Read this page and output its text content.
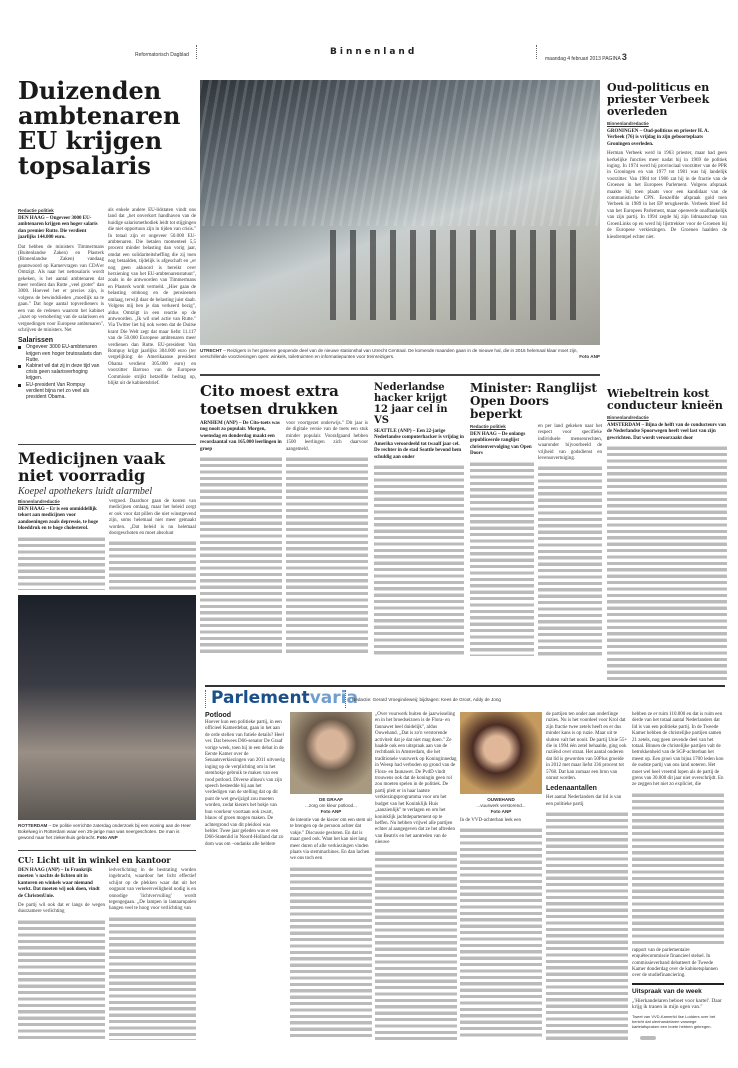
Reformatorisch Dagblad	Binnenland
maandag 4 februari 2013 PAGINA 3
Duizenden ambtenaren EU krijgen topsalaris
Redactie politiek
DEN HAAG – Ongeveer 3000 EU-ambtenaren krijgen een hoger salaris dan premier Rutte. Die verdient jaarlijks 144.000 euro.
Dat hebben de ministers Timmermans (Buitenlandse Zaken) en Plasterk (Binnenlandse Zaken) vandaag geantwoord op Kamervragen van CDA'er Omtzigt. Als naar het nettosalaris wordt gekeken, is het aantal ambtenaren dat meer verdient dan Rutte „veel groter" dan 3000. Hoeveel het er precies zijn, is volgens de bewindslieden „moeilijk na te gaan." Dat hoge aantal topverdieners is een van de redenen waarom het kabinet „inzet op versobering van de salarissen en vergoedingen voor Europese ambtenaren", schrijven de ministers. Net
Salarissen
Ongeveer 3000 EU-ambtenaren krijgen een hoger brutosalaris dan Rutte.
Kabinet wil dat zij in deze tijd van crisis geen salarisverhoging krijgen.
EU-president Van Rompuy verdient bijna net zo veel als president Obama.
als enkele andere EU-lidstaten vindt ons land dat „het onverkort handhaven van de huidige salarismethodiek leidt tot stijgingen die niet opportuun zijn in tijden van crisis." In totaal zijn er ongeveer 50.000 EU-ambtenaren. Die betalen momenteel 5,5 procent minder belasting dan vorig jaar, omdat een solidariteitsheffing die zij toen nog betaalden, tijdelijk is afgeschaft en „er nog geen akkoord is bereikt over herziening van het EU-ambtenarenstatuut", zoals in de antwoorden van Timmermans en Plasterk wordt vermeld. „Hier gaan de belasting omhoog en de pensioenen omlaag, terwijl daar de belasting juist daalt. Volgens mij ben je dan verkeerd bezig", aldus Omtzigt in een reactie op de antwoorden. „Ik wil snel actie van Rutte." Via Twitter liet hij ook weten dat de Duitse krant Die Welt zegt dat maar liefst 11.117 van de 50.000 Europese ambtenaren meer verdienen dan Rutte. EU-president Van Rompuy krijgt jaarlijks 304.000 euro (ter vergelijking: de Amerikaanse president Obama verdient 305.000 euro) en voorzitter Barroso van de Europese Commissie strijkt hetzelfde bedrag op, blijkt uit de kabinetsbrief.
UTRECHT – Reizigers in het gisteren geopende deel van de nieuwe stationshal van Utrecht Centraal. De komende maanden gaan in de nieuwe hal, die in 2016 helemaal klaar moet zijn, verschillende voorzieningen open: winkels, toiletruimten en informatiepunten voor treinreizigers.	Foto ANP
Oud-politicus en priester Verbeek overleden
Binnenlandredactie
GRONINGEN – Oud-politicus en priester H. A. Verbeek (76) is vrijdag in zijn geboorteplaats Groningen overleden.
Herman Verbeek werd in 1963 priester, maar had geen kerkelijke functies meer nadat hij in 1969 de politiek inging. In 1974 werd hij provinciaal voorzitter van de PPR in Groningen en van 1977 tot 1981 was hij landelijk voorzitter. Van 1984 tot 1986 zat hij in de fractie van de Groenen in het Europees Parlement. Volgens afspraak maakte hij toen plaats voor een kandidaat van de communistische CPN. Eenzelfde afspraak gold toen Verbeek in 1989 in het EP terugkeerde. Verbeek bleef lid van het Europees Parlement, maar opereerde onafhankelijk van zijn partij. In 1994 zegde hij zijn lidmaatschap van GroenLinks op en werd hij lijsttrekker voor de Groenen bij de Europese verkiezingen. De Groenen haalden de kiesdrempel echter niet.
Wiebeltrein kost conducteur knieën
Binnenlandredactie
AMSTERDAM – Bijna de helft van de conducteurs van de Nederlandse Spoorwegen heeft veel last van zijn gewrichten. Dat wordt veroorzaakt door
Medicijnen vaak niet voorradig
Koepel apothekers luidt alarmbel
Binnenlandredactie
DEN HAAG – Er is een onmiddellijk tekort aan medicijnen voor aandoeningen zoals depressie, te hoge bloeddruk en te hoge cholesterol.
vergoed. Daardoor gaan de kosten van medicijnen omlaag, maar het beleid zorgt er ook voor dat pillen die niet winstgevend zijn, soms helemaal niet meer gemaakt worden. „Dat beleid is nu helemaal doorgeschoten en moet absoluut
ROTTERDAM – De politie verrichtte zaterdag onderzoek bij een woning aan de Heer Bokelweg in Rotterdam waar een 25-jarige man was neergeschoten. De man is gewond naar het ziekenhuis gebracht. Foto ANP
CU: Licht uit in winkel en kantoor
DEN HAAG (ANP) – In Frankrijk moeten 's nachts de lichten uit in kantoren en winkels waar niemand werkt. Dat moeten wij ook doen, vindt de ChristenUnie.
De partij wil ook dat er langs de wegen duurzamere verlichting
ledverlichting in de bestrating worden ingebracht, waardoor het licht effectief schijnt op de plekken waar dat uit het oogpunt van verkeersveiligheid nodig is en onnodige 'lichtvervuiling' wordt tegengegaan. „De lampen in lantaarnpalen hangen veel te hoog voor verlichting van
Cito moest extra toetsen drukken
ARNHEM (ANP) – De Cito-toets was nog nooit zo populair. Morgen, woensdag en donderdag maakt een recordaantal van 165.000 leerlingen in groep
voor voortgezet onderwijs." Dit jaar is de digitale versie van de toets een stuk minder populair. Voorafgaand hebben 1500 leerlingen zich daarvoor aangemeld.
Nederlandse hacker krijgt 12 jaar cel in VS
SEATTLE (ANP) – Een 22-jarige Nederlandse computerhacker is vrijdag in Amerika veroordeeld tot twaalf jaar cel. De rechter in de stad Seattle bevond hem schuldig aan onder
Minister: Ranglijst Open Doors beperkt
Redactie politiek
DEN HAAG – De onlangs gepubliceerde ranglijst christenvervolging van Open Doors
en per land gekeken naar het respect voor specifieke individuele mensenrechten, waaronder bijvoorbeeld de vrijheid van godsdienst en levensovertuiging.
Parlementvaria
Redactie: Gerard Vroegindeweij; bijdragen: Kees de Groot, Addy de Jong
Potlood
Hoever kun een politieke partij, in een officieel Kamerdebat, gaan in het aan de orde stellen van futiele details? Heel ver. Dat bewees D66-senator De Graaf vorige week, toen hij in een debat in de Eerste Kamer over de Senaatsverkiezingen van 2011 uitvoerig inging op de verplichting om in het stemhokje gebruik te maken van een rood potlood. Diverse alinea's van zijn speech besteedde hij aan het verdedigen van de stelling dat op dit punt de wet gewijzigd zou moeten worden, zodat kiezers het hokje van hun voorkeur voortaan ook zwart, blauw of groen mogen maken. De achtergrond van dit pleidooi was helder. Twee jaar geleden was er een D66-Statenlid in Noord-Holland dat zo dom was om –ondanks alle heldere
DE GRAAF
...zorg om kleur potlood...
Foto ANP
de intentie van de kiezer om een stem uit te brengen op de persoon achter dat vakje." Discussie gesloten. En dat is maar goed ook. Want het kan niet lang meer duren of alle verkiezingen vinden plaats via stemmachines. En dan lachen we ons toch een
„Over vuurwerk buiten de jaarwisseling en in het broedseizoen is de Flora- en faunawet heel duidelijk", aldus Ouwehand. „Dat is zo'n verstorende activiteit dat je dat niet mag doen." Ze haalde ook een uitspraak aan van de rechtbank in Amsterdam, die het traditionele vuurwerk op Koninginnedag in Weesp had verboden op grond van de Flora- en faunawet. De PvdD vindt trouwens ook dat de koningin geen rol zou moeten spelen in de politiek. De partij pleit er in haar laatste verkiezingsprogramma voor om het budget van het Koninklijk Huis „aanzienlijk" te verlagen en om het koninklijk jachtdepartement op te heffen. Nu hebben vrijwel alle partijen echter al aangegeven dat ze het aftreden van Beatrix en het aantreden van de nieuwe
OUWEHAND
...vuurwerk verstorend...
Foto ANP
In de VVD-achterban leek een
de partijen ten onder aan onderlinge ruzies. Nu is het voordeel voor Krol dat zijn fractie twee zetels heeft en er dus minder kans is op ruzie. Maar uit te sluiten valt het nooit. De partij Unie 55+ die in 1994 één zetel behaalde, ging ook ruziënd over straat. Het aantal ouderen dat lid is geworden van 50Plus groeide in 2012 met maar liefst 336 procent tot 5768. Dat kan zomaar een bron van onrust worden.
Ledenaantallen
Het aantal Nederlanders dat lid is van een politieke partij
hebben ze er ruim 110.000 en dat is ruim een derde van het totaal aantal Nederlanders dat lid is van een politieke partij. In de Tweede Kamer hebben de christelijke partijen samen 21 zetels, nog geen zevende deel van het totaal. Binnen de christelijke partijen valt de betrokkenheid van de SGP-achterban het meest op. Een groei van bijna 1700 leden kon de oudste partij van ons land noteren. Het moet wel heel vreemd lopen als de partij de grens van 30.000 dit jaar niet overschrijdt. En ze zeggen het niet zo expliciet, die
rapport van de parlementaire enquêtecommissie financieel stelsel. In commissieverband debatteert de Tweede Kamer donderdag over de kabinetsplannen over de studiefinanciering.
Uitspraak van de week
„'Hierkandelaren beboet voor kartel'. Daar krijg ik tranen in mijn ogen van."
Tweet van VVD-Kamerlid Ilse Lodders over het bericht dat uienhandelaren vanwege kartelafspraken een boete hebben gekregen.
